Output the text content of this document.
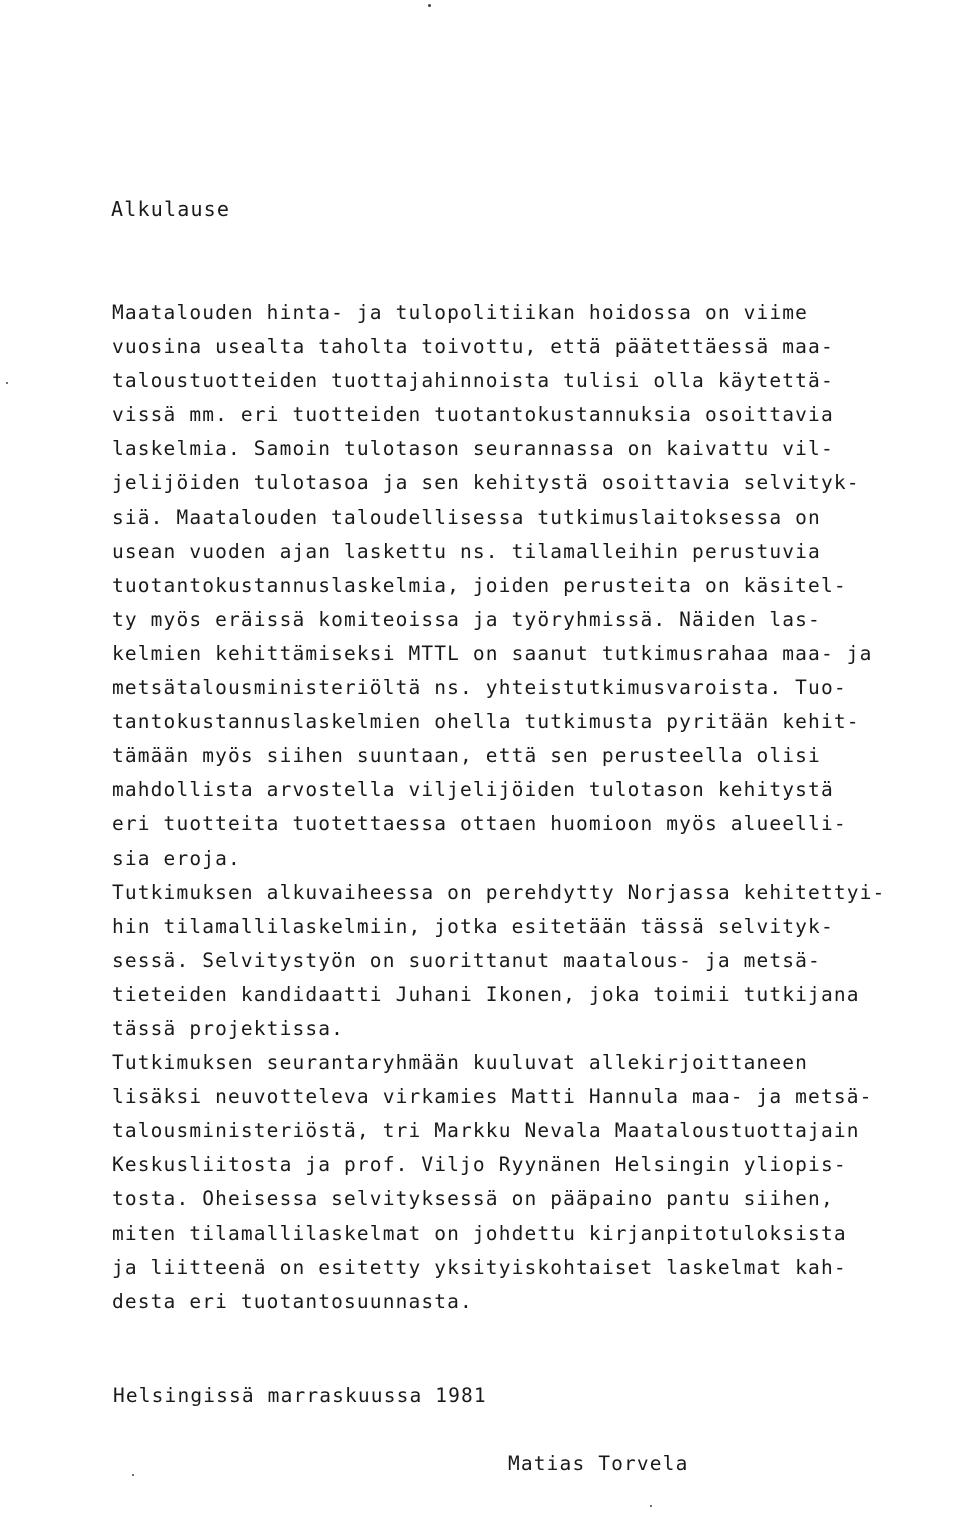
Alkulause
Maatalouden hinta- ja tulopolitiikan hoidossa on viime
vuosina usealta taholta toivottu, että päätettäessä maa-
taloustuotteiden tuottajahinnoista tulisi olla käytettä-
vissä mm. eri tuotteiden tuotantokustannuksia osoittavia
laskelmia. Samoin tulotason seurannassa on kaivattu vil-
jelijöiden tulotasoa ja sen kehitystä osoittavia selvityk-
siä. Maatalouden taloudellisessa tutkimuslaitoksessa on
usean vuoden ajan laskettu ns. tilamalleihin perustuvia
tuotantokustannuslaskelmia, joiden perusteita on käsitel-
ty myös eräissä komiteoissa ja työryhmissä. Näiden las-
kelmien kehittämiseksi MTTL on saanut tutkimusrahaa maa- ja
metsätalousministeriöltä ns. yhteistutkimusvaroista. Tuo-
tantokustannuslaskelmien ohella tutkimusta pyritään kehit-
tämään myös siihen suuntaan, että sen perusteella olisi
mahdollista arvostella viljelijöiden tulotason kehitystä
eri tuotteita tuotettaessa ottaen huomioon myös alueelli-
sia eroja.
Tutkimuksen alkuvaiheessa on perehdytty Norjassa kehitettyi-
hin tilamallilaskelmiin, jotka esitetään tässä selvityk-
sessä. Selvitystyön on suorittanut maatalous- ja metsä-
tieteiden kandidaatti Juhani Ikonen, joka toimii tutkijana
tässä projektissa.
Tutkimuksen seurantaryhmään kuuluvat allekirjoittaneen
lisäksi neuvotteleva virkamies Matti Hannula maa- ja metsä-
talousministeriöstä, tri Markku Nevala Maataloustuottajain
Keskusliitosta ja prof. Viljo Ryynänen Helsingin yliopis-
tosta. Oheisessa selvityksessä on pääpaino pantu siihen,
miten tilamallilaskelmat on johdettu kirjanpitotuloksista
ja liitteenä on esitetty yksityiskohtaiset laskelmat kah-
desta eri tuotantosuunnasta.
Helsingissä marraskuussa 1981
Matias Torvela
